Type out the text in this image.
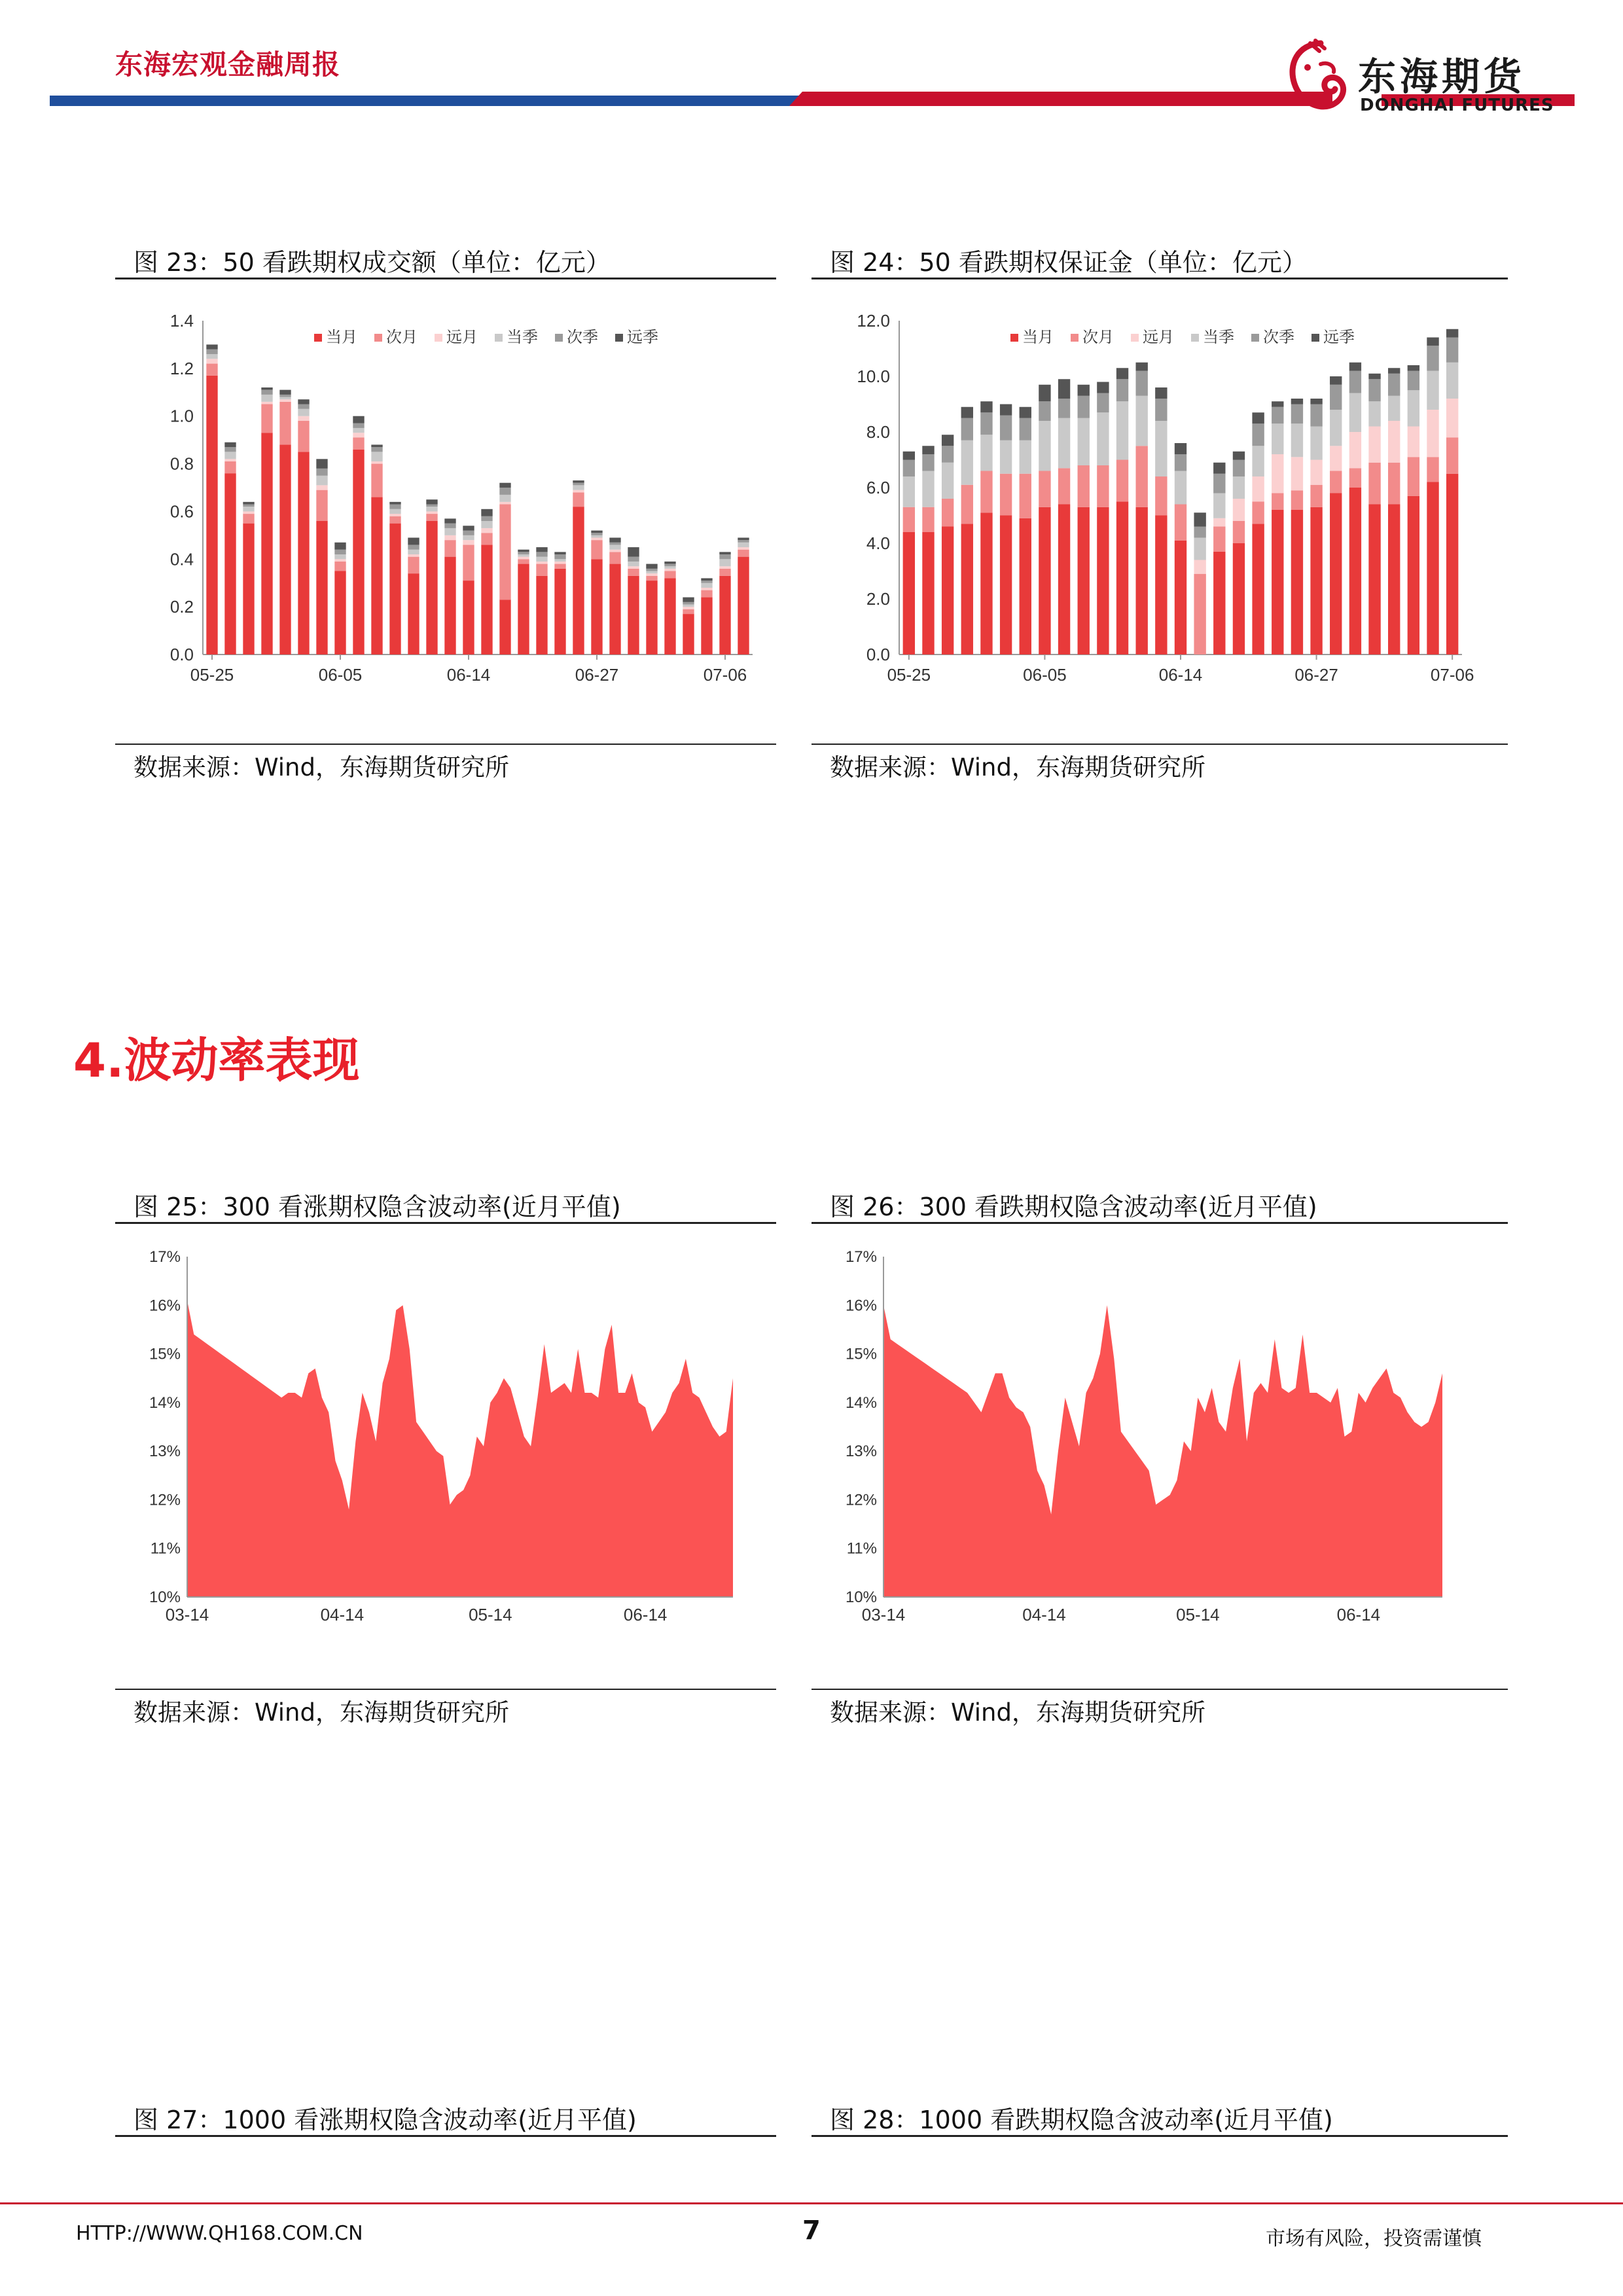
东海宏观金融周报	东海期货
DONGHAI FUTURES
图 23：50 看跌期权成交额（单位：亿元）
0.0
0.2
0.4
0.6
0.8
1.0
1.2
1.4
05-25	06-05	06-14	06-27	07-06
当月 次月 远月 当季 次季 远季
数据来源：Wind，东海期货研究所
图 24：50 看跌期权保证金（单位：亿元）
0.0
2.0
4.0
6.0
8.0
10.0
12.0
05-25	06-05	06-14	06-27	07-06
当月 次月 远月 当季 次季 远季
数据来源：Wind，东海期货研究所
4.波动率表现
图 25：300 看涨期权隐含波动率(近月平值)
10%
11%
12%
13%
14%
15%
16%
17%
03-14	04-14	05-14	06-14
数据来源：Wind，东海期货研究所
图 26：300 看跌期权隐含波动率(近月平值)
10%
11%
12%
13%
14%
15%
16%
17%
03-14	04-14	05-14	06-14
数据来源：Wind，东海期货研究所
图 27：1000 看涨期权隐含波动率(近月平值)	图 28：1000 看跌期权隐含波动率(近月平值)
HTTP://WWW.QH168.COM.CN	7	市场有风险，投资需谨慎
